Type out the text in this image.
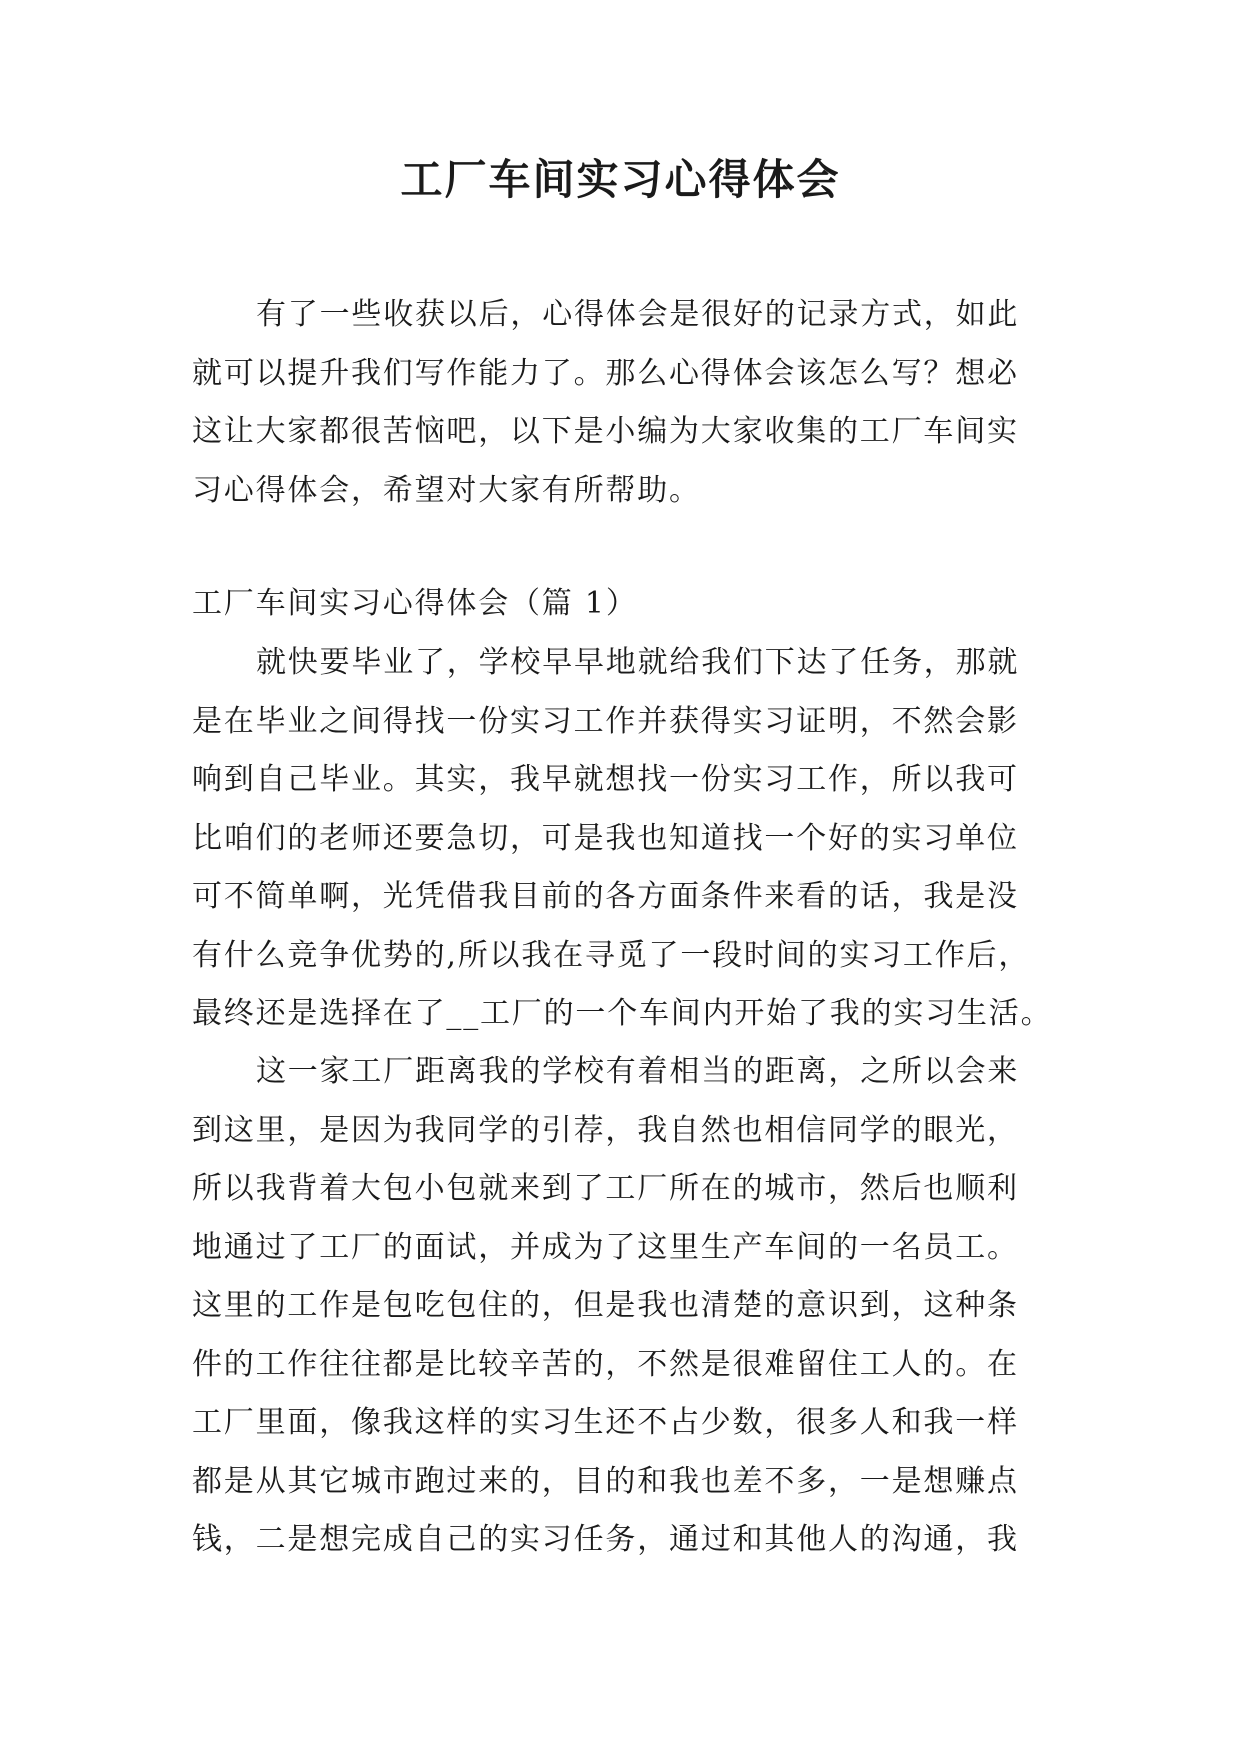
工厂车间实习心得体会
有了一些收获以后，心得体会是很好的记录方式，如此
就可以提升我们写作能力了。那么心得体会该怎么写？想必
这让大家都很苦恼吧，以下是小编为大家收集的工厂车间实
习心得体会，希望对大家有所帮助。
工厂车间实习心得体会（篇 1）
就快要毕业了，学校早早地就给我们下达了任务，那就
是在毕业之间得找一份实习工作并获得实习证明，不然会影
响到自己毕业。其实，我早就想找一份实习工作，所以我可
比咱们的老师还要急切，可是我也知道找一个好的实习单位
可不简单啊，光凭借我目前的各方面条件来看的话，我是没
有什么竞争优势的,所以我在寻觅了一段时间的实习工作后，
最终还是选择在了__工厂的一个车间内开始了我的实习生活。
这一家工厂距离我的学校有着相当的距离，之所以会来
到这里，是因为我同学的引荐，我自然也相信同学的眼光，
所以我背着大包小包就来到了工厂所在的城市，然后也顺利
地通过了工厂的面试，并成为了这里生产车间的一名员工。
这里的工作是包吃包住的，但是我也清楚的意识到，这种条
件的工作往往都是比较辛苦的，不然是很难留住工人的。在
工厂里面，像我这样的实习生还不占少数，很多人和我一样
都是从其它城市跑过来的，目的和我也差不多，一是想赚点
钱，二是想完成自己的实习任务，通过和其他人的沟通，我
